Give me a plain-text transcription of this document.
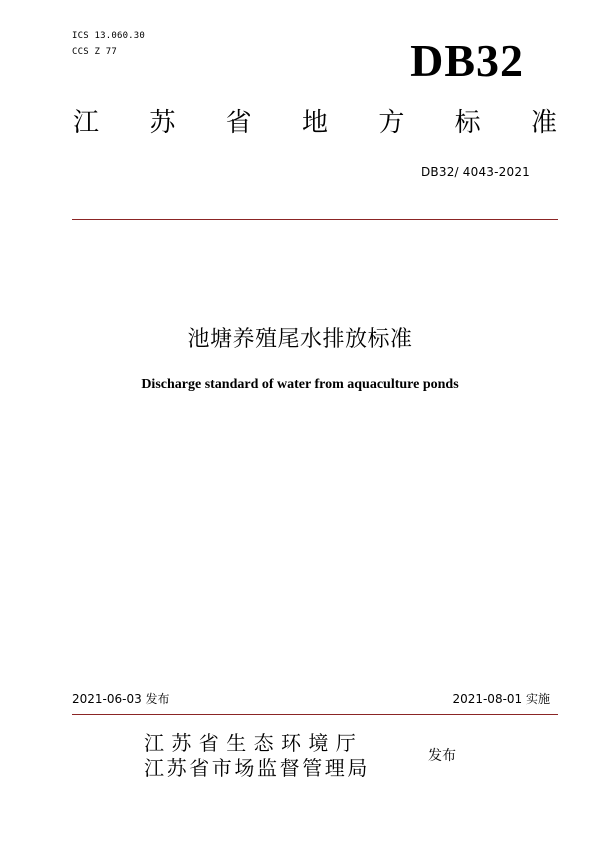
ICS 13.060.30
CCS Z 77	DB32
江 苏 省 地 方 标 准
DB32/ 4043-2021
池塘养殖尾水排放标准
Discharge standard of water from aquaculture ponds
2021-06-03 发布	2021-08-01 实施
江苏省生态环境厅
江苏省市场监督管理局	发布
